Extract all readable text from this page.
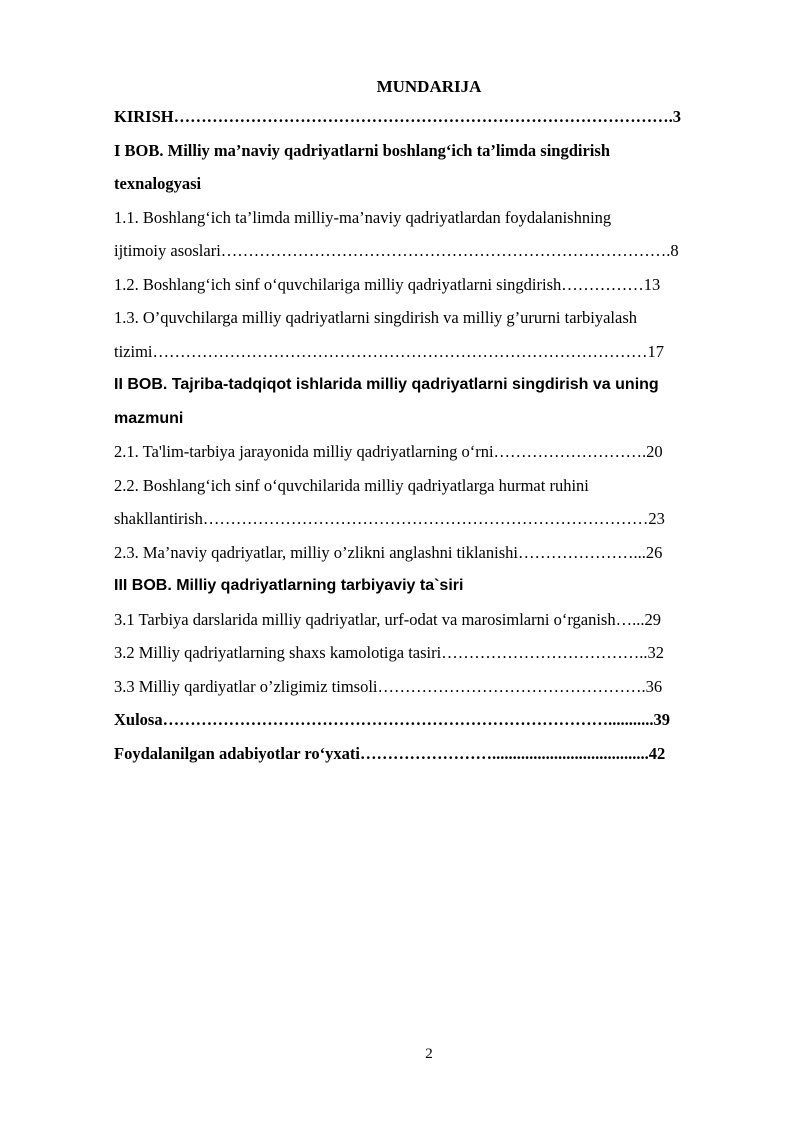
MUNDARIJA
KIRISH……………………………………………………………………………….3
I BOB. Milliy ma’naviy qadriyatlarni boshlang‘ich ta’limda singdirish
texnalogyasi
1.1. Boshlang‘ich ta’limda milliy-ma’naviy qadriyatlardan foydalanishning
ijtimoiy asoslari……………………………………………………………………….8
1.2. Boshlang‘ich sinf o‘quvchilariga milliy qadriyatlarni singdirish……………13
1.3. O’quvchilarga milliy qadriyatlarni singdirish va milliy g’ururni tarbiyalash
tizimi………………………………………………………………………………17
II BOB. Tajriba-tadqiqot ishlarida milliy qadriyatlarni singdirish va uning
mazmuni
2.1. Ta'lim-tarbiya jarayonida milliy qadriyatlarning o‘rni……………………….20
2.2. Boshlang‘ich sinf o‘quvchilarida milliy qadriyatlarga hurmat ruhini
shakllantirish………………………………………………………………………23
2.3. Ma’naviy qadriyatlar, milliy o’zlikni anglashni tiklanishi…………………...26
III BOB. Milliy qadriyatlarning tarbiyaviy ta`siri
3.1 Tarbiya darslarida milliy qadriyatlar, urf-odat va marosimlarni o‘rganish…...29
3.2 Milliy qadriyatlarning shaxs kamolotiga tasiri………………………………..32
3.3 Milliy qardiyatlar o’zligimiz timsoli………………………………………….36
Xulosa………………………………………………………………………...........39
Foydalanilgan adabiyotlar ro‘yxati……………………......................................42
2
